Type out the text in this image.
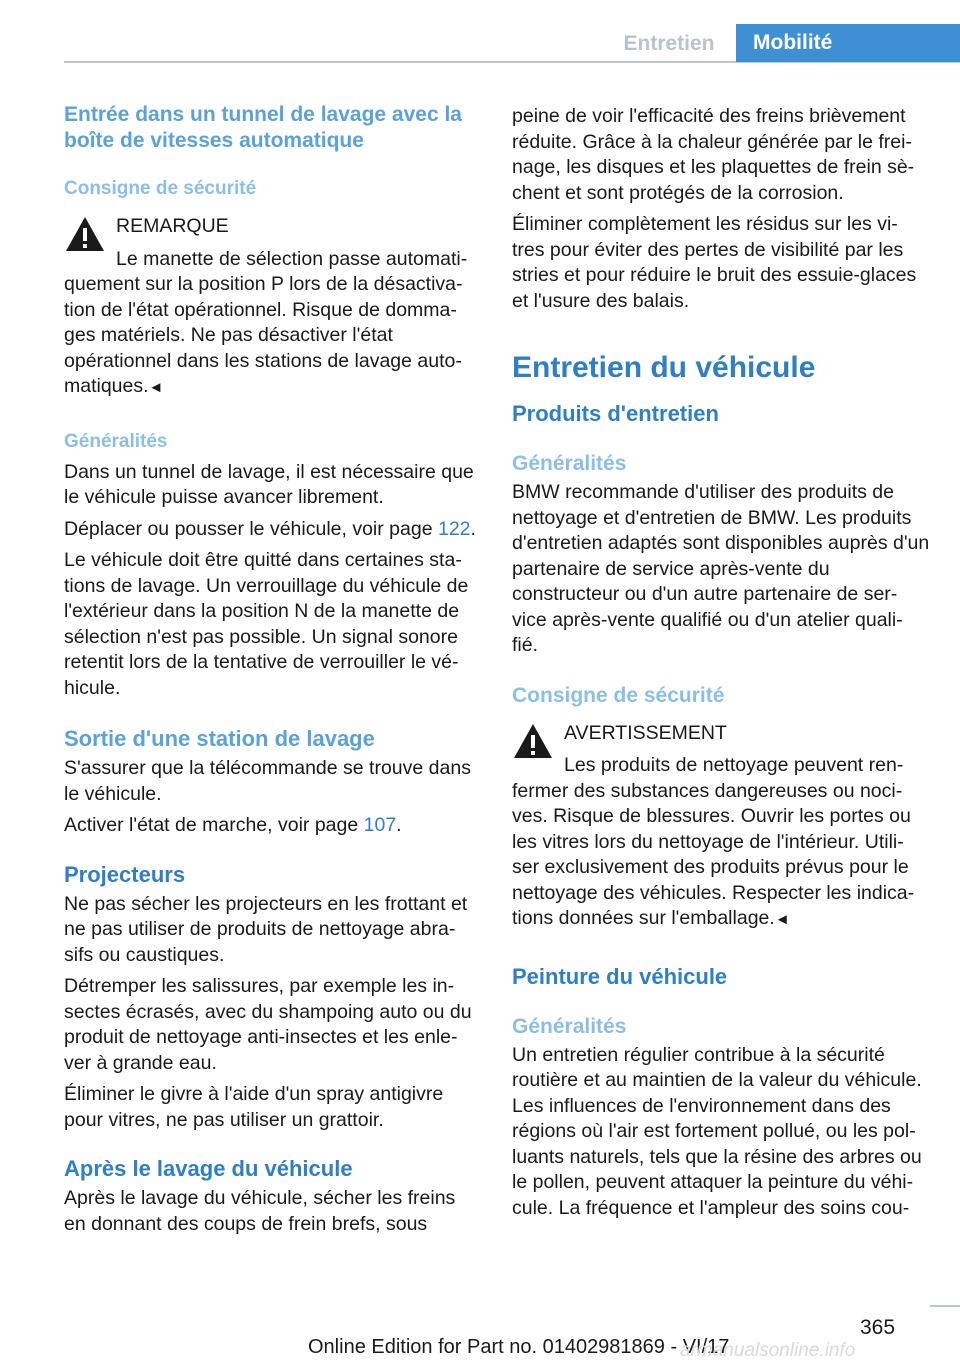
Entretien	Mobilité
Entrée dans un tunnel de lavage avec la boîte de vitesses automatique
Consigne de sécurité
REMARQUE
Le manette de sélection passe automati‐

quement sur la position P lors de la désactiva‐ tion de l'état opérationnel. Risque de domma‐ ges matériels. Ne pas désactiver l'état opérationnel dans les stations de lavage auto‐ matiques.◄

Généralités

Dans un tunnel de lavage, il est nécessaire que le véhicule puisse avancer librement.

Déplacer ou pousser le véhicule, voir page 122.

Le véhicule doit être quitté dans certaines sta‐ tions de lavage. Un verrouillage du véhicule de l'extérieur dans la position N de la manette de sélection n'est pas possible. Un signal sonore retentit lors de la tentative de verrouiller le vé‐ hicule.

Sortie d'une station de lavage

S'assurer que la télécommande se trouve dans le véhicule.

Activer l'état de marche, voir page 107.

Projecteurs

Ne pas sécher les projecteurs en les frottant et ne pas utiliser de produits de nettoyage abra‐ sifs ou caustiques.

Détremper les salissures, par exemple les in‐ sectes écrasés, avec du shampoing auto ou du produit de nettoyage anti-insectes et les enle‐ ver à grande eau.

Éliminer le givre à l'aide d'un spray antigivre pour vitres, ne pas utiliser un grattoir.

Après le lavage du véhicule

Après le lavage du véhicule, sécher les freins en donnant des coups de frein brefs, sous

peine de voir l'efficacité des freins brièvement réduite. Grâce à la chaleur générée par le frei‐ nage, les disques et les plaquettes de frein sè‐ chent et sont protégés de la corrosion.

Éliminer complètement les résidus sur les vi‐ tres pour éviter des pertes de visibilité par les stries et pour réduire le bruit des essuie-glaces et l'usure des balais.

Entretien du véhicule
Produits d'entretien
Généralités

BMW recommande d'utiliser des produits de nettoyage et d'entretien de BMW. Les produits d'entretien adaptés sont disponibles auprès d'un partenaire de service après-vente du constructeur ou d'un autre partenaire de ser‐ vice après-vente qualifié ou d'un atelier quali‐ fié.

Consigne de sécurité
AVERTISSEMENT
Les produits de nettoyage peuvent ren‐

fermer des substances dangereuses ou noci‐ ves. Risque de blessures. Ouvrir les portes ou les vitres lors du nettoyage de l'intérieur. Utili‐ ser exclusivement des produits prévus pour le nettoyage des véhicules. Respecter les indica‐ tions données sur l'emballage.◄

Peinture du véhicule
Généralités

Un entretien régulier contribue à la sécurité routière et au maintien de la valeur du véhicule. Les influences de l'environnement dans des régions où l'air est fortement pollué, ou les pol‐ luants naturels, tels que la résine des arbres ou le pollen, peuvent attaquer la peinture du véhi‐ cule. La fréquence et l'ampleur des soins cou‐

365
Online Edition for Part no. 01402981869 - VI/17
armanualsonline.info
